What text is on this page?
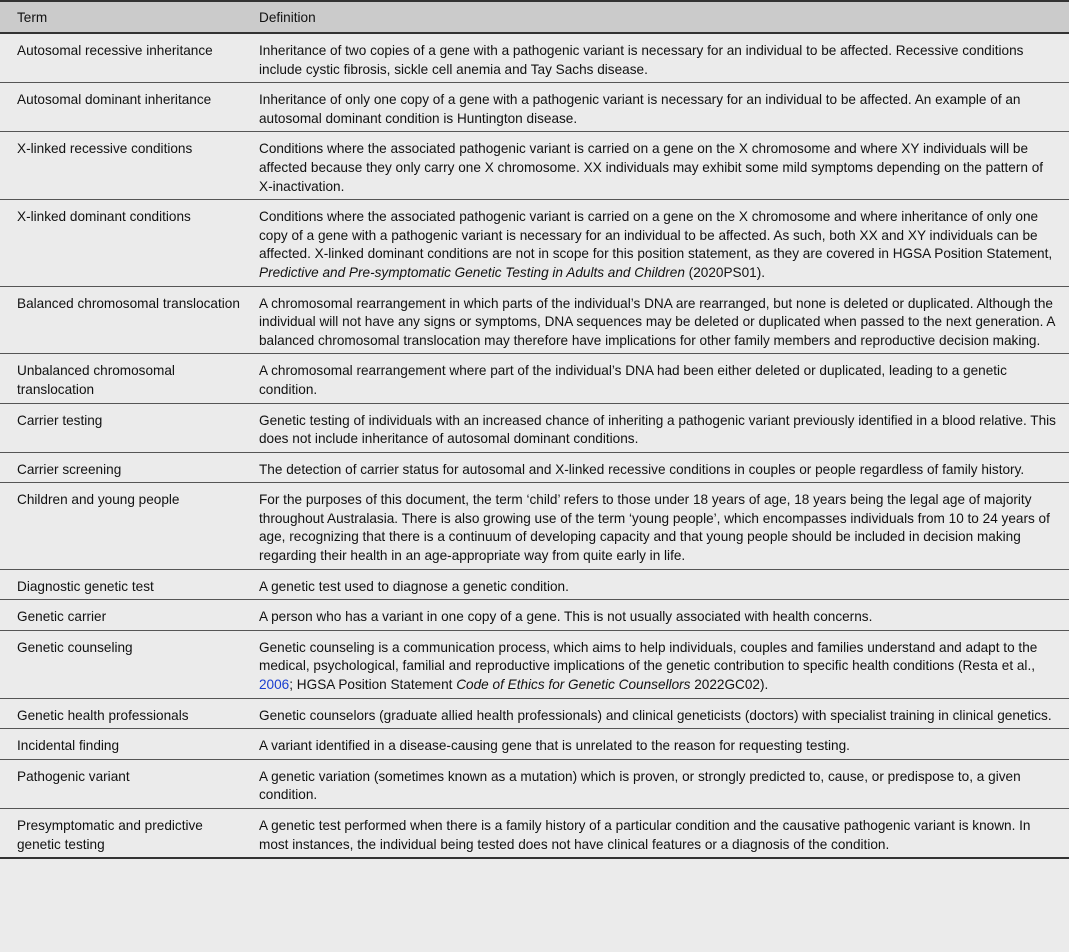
Term	Definition
Autosomal recessive inheritance	Inheritance of two copies of a gene with a pathogenic variant is necessary for an individual to be affected. Recessive conditions include cystic fibrosis, sickle cell anemia and Tay Sachs disease.
Autosomal dominant inheritance	Inheritance of only one copy of a gene with a pathogenic variant is necessary for an individual to be affected. An example of an autosomal dominant condition is Huntington disease.
X-linked recessive conditions	Conditions where the associated pathogenic variant is carried on a gene on the X chromosome and where XY individuals will be affected because they only carry one X chromosome. XX individuals may exhibit some mild symptoms depending on the pattern of X-inactivation.
X-linked dominant conditions	Conditions where the associated pathogenic variant is carried on a gene on the X chromosome and where inheritance of only one copy of a gene with a pathogenic variant is necessary for an individual to be affected. As such, both XX and XY individuals can be affected. X-linked dominant conditions are not in scope for this position statement, as they are covered in HGSA Position Statement, Predictive and Pre-symptomatic Genetic Testing in Adults and Children (2020PS01).
Balanced chromosomal translocation	A chromosomal rearrangement in which parts of the individual’s DNA are rearranged, but none is deleted or duplicated. Although the individual will not have any signs or symptoms, DNA sequences may be deleted or duplicated when passed to the next generation. A balanced chromosomal translocation may therefore have implications for other family members and reproductive decision making.
Unbalanced chromosomal translocation	A chromosomal rearrangement where part of the individual’s DNA had been either deleted or duplicated, leading to a genetic condition.
Carrier testing	Genetic testing of individuals with an increased chance of inheriting a pathogenic variant previously identified in a blood relative. This does not include inheritance of autosomal dominant conditions.
Carrier screening	The detection of carrier status for autosomal and X-linked recessive conditions in couples or people regardless of family history.
Children and young people	For the purposes of this document, the term ‘child’ refers to those under 18 years of age, 18 years being the legal age of majority throughout Australasia. There is also growing use of the term ‘young people’, which encompasses individuals from 10 to 24 years of age, recognizing that there is a continuum of developing capacity and that young people should be included in decision making regarding their health in an age-appropriate way from quite early in life.
Diagnostic genetic test	A genetic test used to diagnose a genetic condition.
Genetic carrier	A person who has a variant in one copy of a gene. This is not usually associated with health concerns.
Genetic counseling	Genetic counseling is a communication process, which aims to help individuals, couples and families understand and adapt to the medical, psychological, familial and reproductive implications of the genetic contribution to specific health conditions (Resta et al., 2006; HGSA Position Statement Code of Ethics for Genetic Counsellors 2022GC02).
Genetic health professionals	Genetic counselors (graduate allied health professionals) and clinical geneticists (doctors) with specialist training in clinical genetics.
Incidental finding	A variant identified in a disease-causing gene that is unrelated to the reason for requesting testing.
Pathogenic variant	A genetic variation (sometimes known as a mutation) which is proven, or strongly predicted to, cause, or predispose to, a given condition.
Presymptomatic and predictive genetic testing	A genetic test performed when there is a family history of a particular condition and the causative pathogenic variant is known. In most instances, the individual being tested does not have clinical features or a diagnosis of the condition.
